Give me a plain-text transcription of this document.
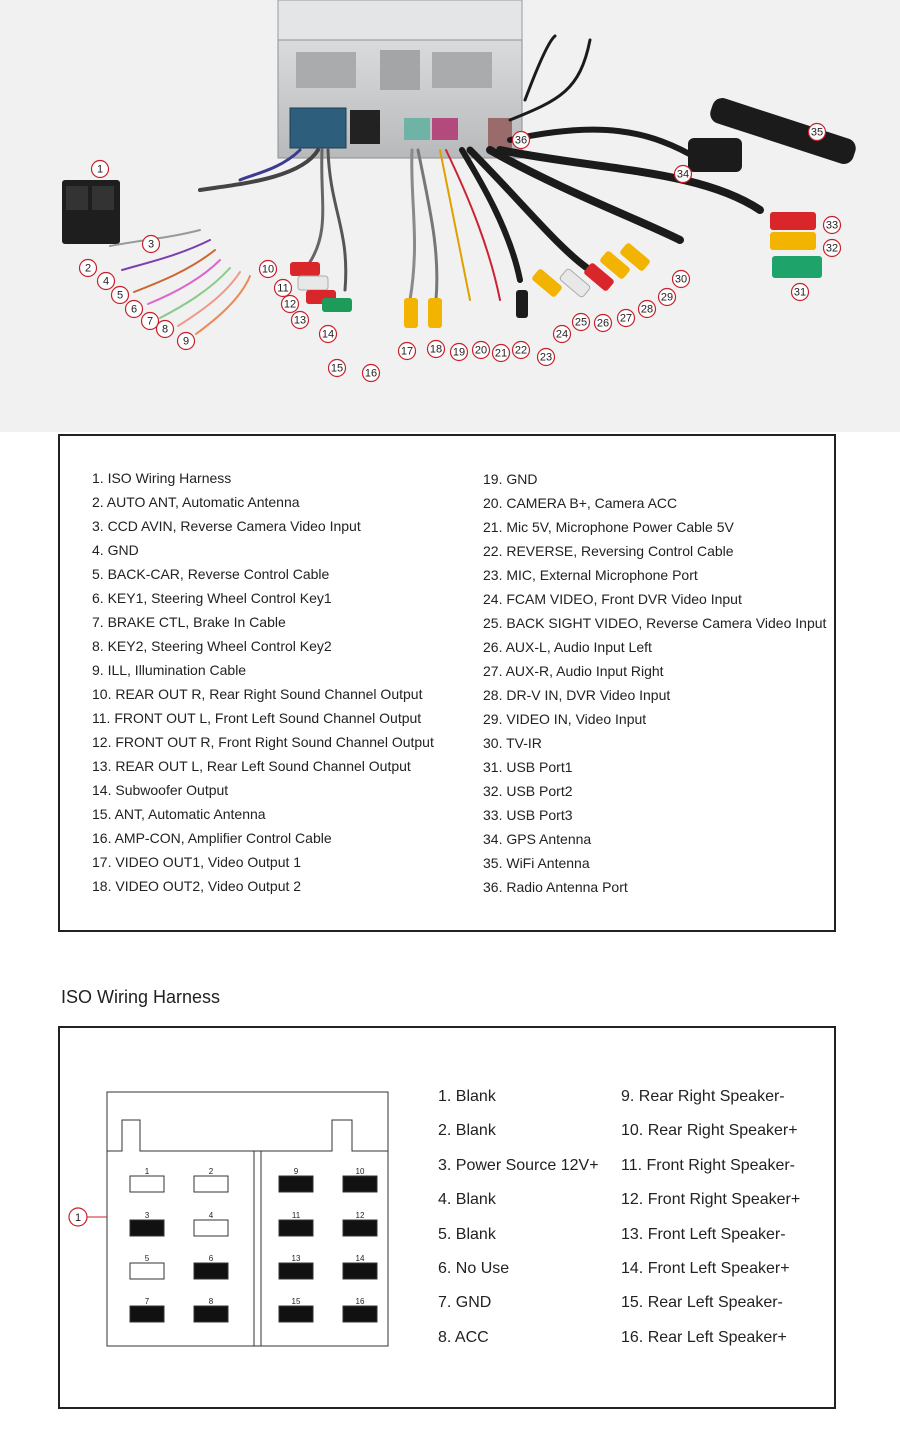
1
2
3
4
5
6
7
8
9
10
11
12
13
14
15 16
17 18 19 20 21 22
23
24
25 26 27
28
29
30
31
32
33
34
35
36
1. ISO Wiring Harness
2. AUTO ANT, Automatic Antenna
3. CCD AVIN, Reverse Camera Video Input
4. GND
5. BACK-CAR, Reverse Control Cable
6. KEY1, Steering Wheel Control Key1
7. BRAKE CTL, Brake In Cable
8. KEY2, Steering Wheel Control Key2
9. ILL, Illumination Cable
10. REAR OUT R, Rear Right Sound Channel Output
11. FRONT OUT L, Front Left Sound Channel Output
12. FRONT OUT R, Front Right Sound Channel Output
13. REAR OUT L, Rear Left Sound Channel Output
14. Subwoofer Output
15. ANT, Automatic Antenna
16. AMP-CON, Amplifier Control Cable
17. VIDEO OUT1, Video Output 1
18. VIDEO OUT2, Video Output 2
19. GND
20. CAMERA B+, Camera ACC
21. Mic 5V, Microphone Power Cable 5V
22. REVERSE, Reversing Control Cable
23. MIC, External Microphone Port
24. FCAM VIDEO, Front DVR Video Input
25. BACK SIGHT VIDEO, Reverse Camera Video Input
26. AUX-L, Audio Input Left
27. AUX-R, Audio Input Right
28. DR-V IN, DVR Video Input
29. VIDEO IN, Video Input
30. TV-IR
31. USB Port1
32. USB Port2
33. USB Port3
34. GPS Antenna
35. WiFi Antenna
36. Radio Antenna Port
ISO Wiring Harness
1
1	2
3	4
5	6
7	8
9	10
11	12
13	14
15	16
1. Blank
2. Blank
3. Power Source 12V+
4. Blank
5. Blank
6. No Use
7. GND
8. ACC
9. Rear Right Speaker-
10. Rear Right Speaker+
11. Front Right Speaker-
12. Front Right Speaker+
13. Front Left Speaker-
14. Front Left Speaker+
15. Rear Left Speaker-
16. Rear Left Speaker+
